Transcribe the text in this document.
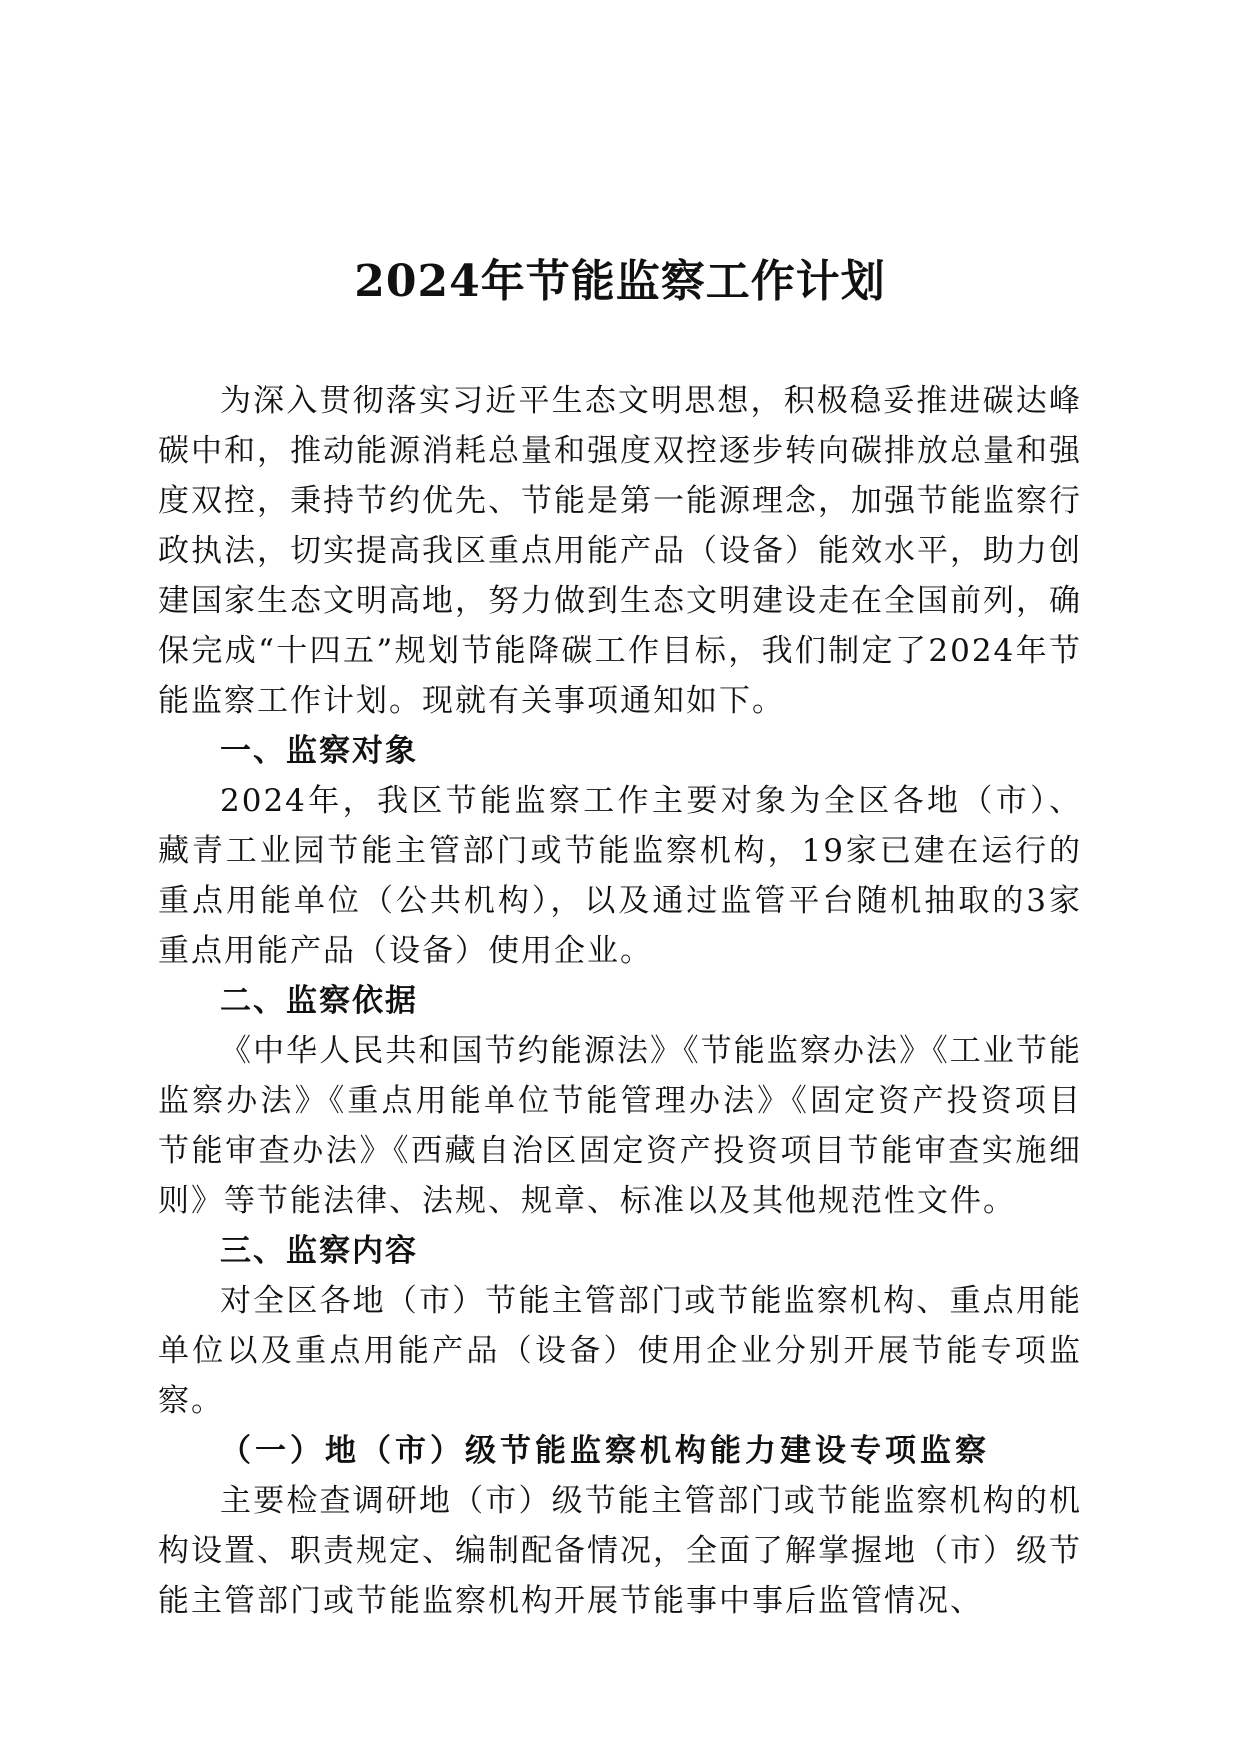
2024年节能监察工作计划

为深入贯彻落实习近平生态文明思想，积极稳妥推进碳达峰碳中和，推动能源消耗总量和强度双控逐步转向碳排放总量和强度双控，秉持节约优先、节能是第一能源理念，加强节能监察行政执法，切实提高我区重点用能产品（设备）能效水平，助力创建国家生态文明高地，努力做到生态文明建设走在全国前列，确保完成“十四五”规划节能降碳工作目标，我们制定了2024年节能监察工作计划。现就有关事项通知如下。

一、监察对象

2024年，我区节能监察工作主要对象为全区各地（市）、藏青工业园节能主管部门或节能监察机构，19家已建在运行的重点用能单位（公共机构），以及通过监管平台随机抽取的3家重点用能产品（设备）使用企业。

二、监察依据

《中华人民共和国节约能源法》《节能监察办法》《工业节能监察办法》《重点用能单位节能管理办法》《固定资产投资项目节能审查办法》《西藏自治区固定资产投资项目节能审查实施细则》等节能法律、法规、规章、标准以及其他规范性文件。

三、监察内容

对全区各地（市）节能主管部门或节能监察机构、重点用能单位以及重点用能产品（设备）使用企业分别开展节能专项监察。

（一）地（市）级节能监察机构能力建设专项监察

主要检查调研地（市）级节能主管部门或节能监察机构的机构设置、职责规定、编制配备情况，全面了解掌握地（市）级节能主管部门或节能监察机构开展节能事中事后监管情况、
